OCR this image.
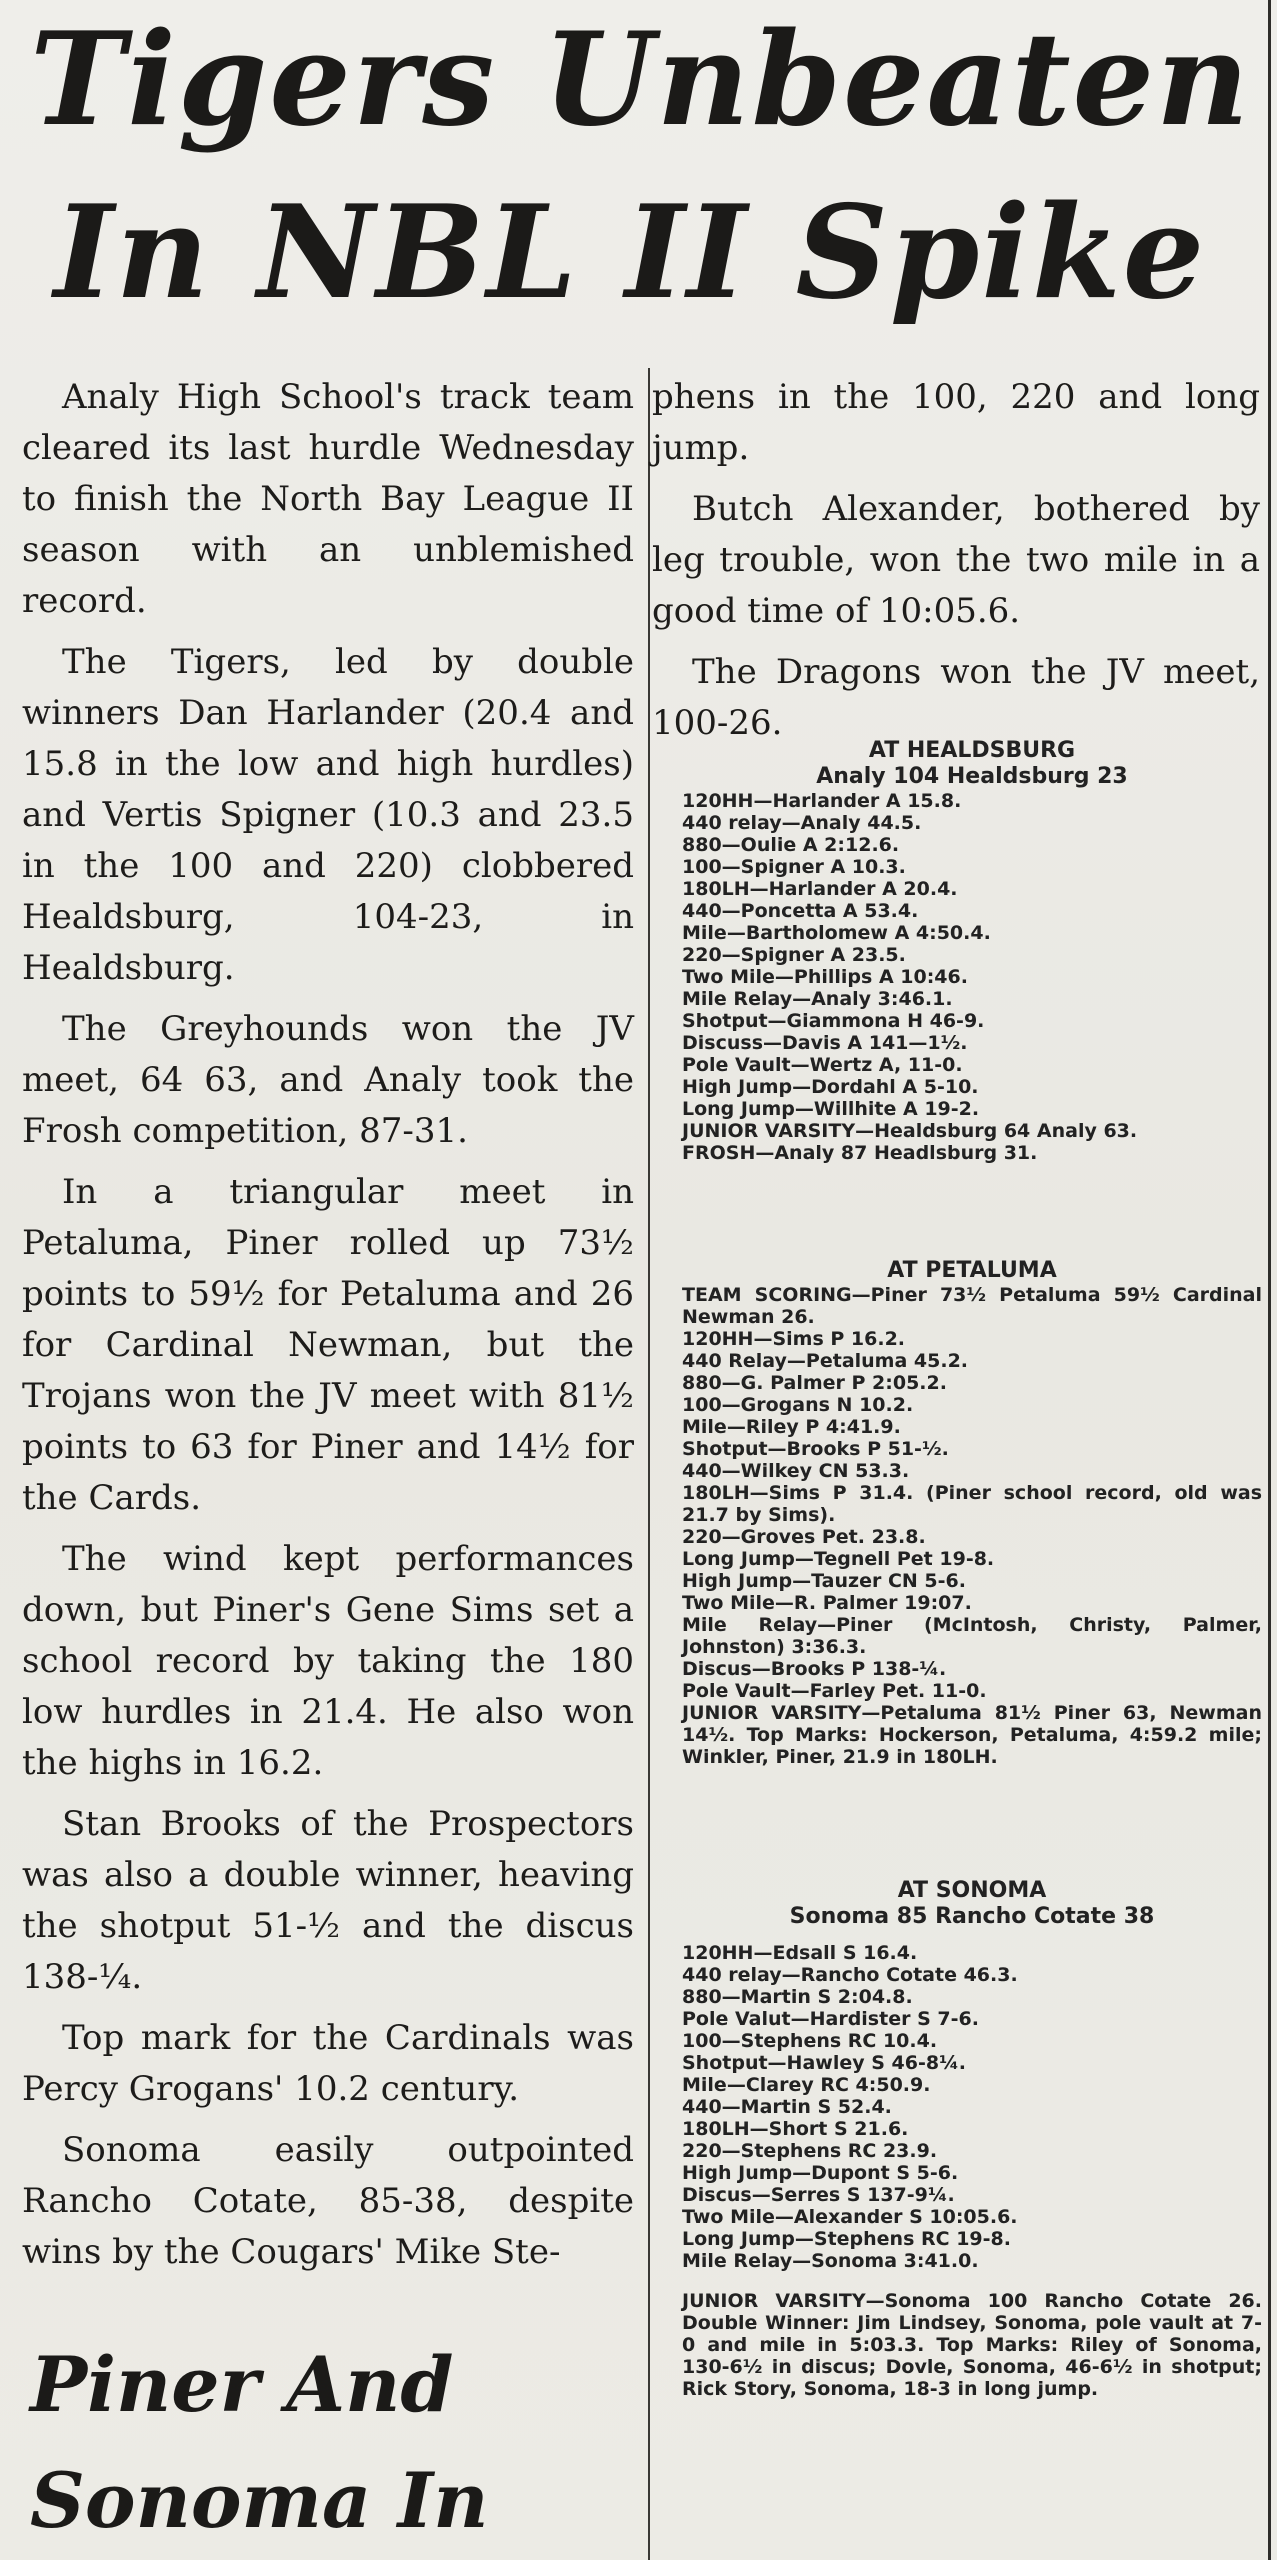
Tigers Unbeaten
In NBL II Spike

Analy High School's track team cleared its last hurdle Wednesday to finish the North Bay League II season with an unblemished record.

The Tigers, led by double winners Dan Harlander (20.4 and 15.8 in the low and high hurdles) and Vertis Spigner (10.3 and 23.5 in the 100 and 220) clobbered Healdsburg, 104-23, in Healdsburg.

The Greyhounds won the JV meet, 64 63, and Analy took the Frosh competition, 87-31.

In a triangular meet in Petaluma, Piner rolled up 73½ points to 59½ for Petaluma and 26 for Cardinal Newman, but the Trojans won the JV meet with 81½ points to 63 for Piner and 14½ for the Cards.

The wind kept performances down, but Piner's Gene Sims set a school record by taking the 180 low hurdles in 21.4. He also won the highs in 16.2.

Stan Brooks of the Prospectors was also a double winner, heaving the shotput 51-½ and the discus 138-¼.

Top mark for the Cardinals was Percy Grogans' 10.2 century.

Sonoma easily outpointed Rancho Cotate, 85-38, despite wins by the Cougars' Mike Ste-

phens in the 100, 220 and long jump.

Butch Alexander, bothered by leg trouble, won the two mile in a good time of 10:05.6.

The Dragons won the JV meet, 100-26.

AT HEALDSBURG
Analy 104 Healdsburg 23
120HH—Harlander A 15.8.
440 relay—Analy 44.5.
880—Oulie A 2:12.6.
100—Spigner A 10.3.
180LH—Harlander A 20.4.
440—Poncetta A 53.4.
Mile—Bartholomew A 4:50.4.
220—Spigner A 23.5.
Two Mile—Phillips A 10:46.
Mile Relay—Analy 3:46.1.
Shotput—Giammona H 46-9.
Discuss—Davis A 141—1½.
Pole Vault—Wertz A, 11-0.
High Jump—Dordahl A 5-10.
Long Jump—Willhite A 19-2.
JUNIOR VARSITY—Healdsburg 64 Analy 63.
FROSH—Analy 87 Headlsburg 31.
AT PETALUMA
TEAM SCORING—Piner 73½ Petaluma 59½ Cardinal Newman 26.
120HH—Sims P 16.2.
440 Relay—Petaluma 45.2.
880—G. Palmer P 2:05.2.
100—Grogans N 10.2.
Mile—Riley P 4:41.9.
Shotput—Brooks P 51-½.
440—Wilkey CN 53.3.
180LH—Sims P 31.4. (Piner school record, old was 21.7 by Sims).
220—Groves Pet. 23.8.
Long Jump—Tegnell Pet 19-8.
High Jump—Tauzer CN 5-6.
Two Mile—R. Palmer 19:07.
Mile Relay—Piner (McIntosh, Christy, Palmer, Johnston) 3:36.3.
Discus—Brooks P 138-¼.
Pole Vault—Farley Pet. 11-0.
JUNIOR VARSITY—Petaluma 81½ Piner 63, Newman 14½. Top Marks: Hockerson, Petaluma, 4:59.2 mile; Winkler, Piner, 21.9 in 180LH.
AT SONOMA
Sonoma 85 Rancho Cotate 38
120HH—Edsall S 16.4.
440 relay—Rancho Cotate 46.3.
880—Martin S 2:04.8.
Pole Valut—Hardister S 7-6.
100—Stephens RC 10.4.
Shotput—Hawley S 46-8¼.
Mile—Clarey RC 4:50.9.
440—Martin S 52.4.
180LH—Short S 21.6.
220—Stephens RC 23.9.
High Jump—Dupont S 5-6.
Discus—Serres S 137-9¼.
Two Mile—Alexander S 10:05.6.
Long Jump—Stephens RC 19-8.
Mile Relay—Sonoma 3:41.0.
JUNIOR VARSITY—Sonoma 100 Rancho Cotate 26. Double Winner: Jim Lindsey, Sonoma, pole vault at 7-0 and mile in 5:03.3. Top Marks: Riley of Sonoma, 130-6½ in discus; Dovle, Sonoma, 46-6½ in shotput; Rick Story, Sonoma, 18-3 in long jump.
Piner And
Sonoma In
